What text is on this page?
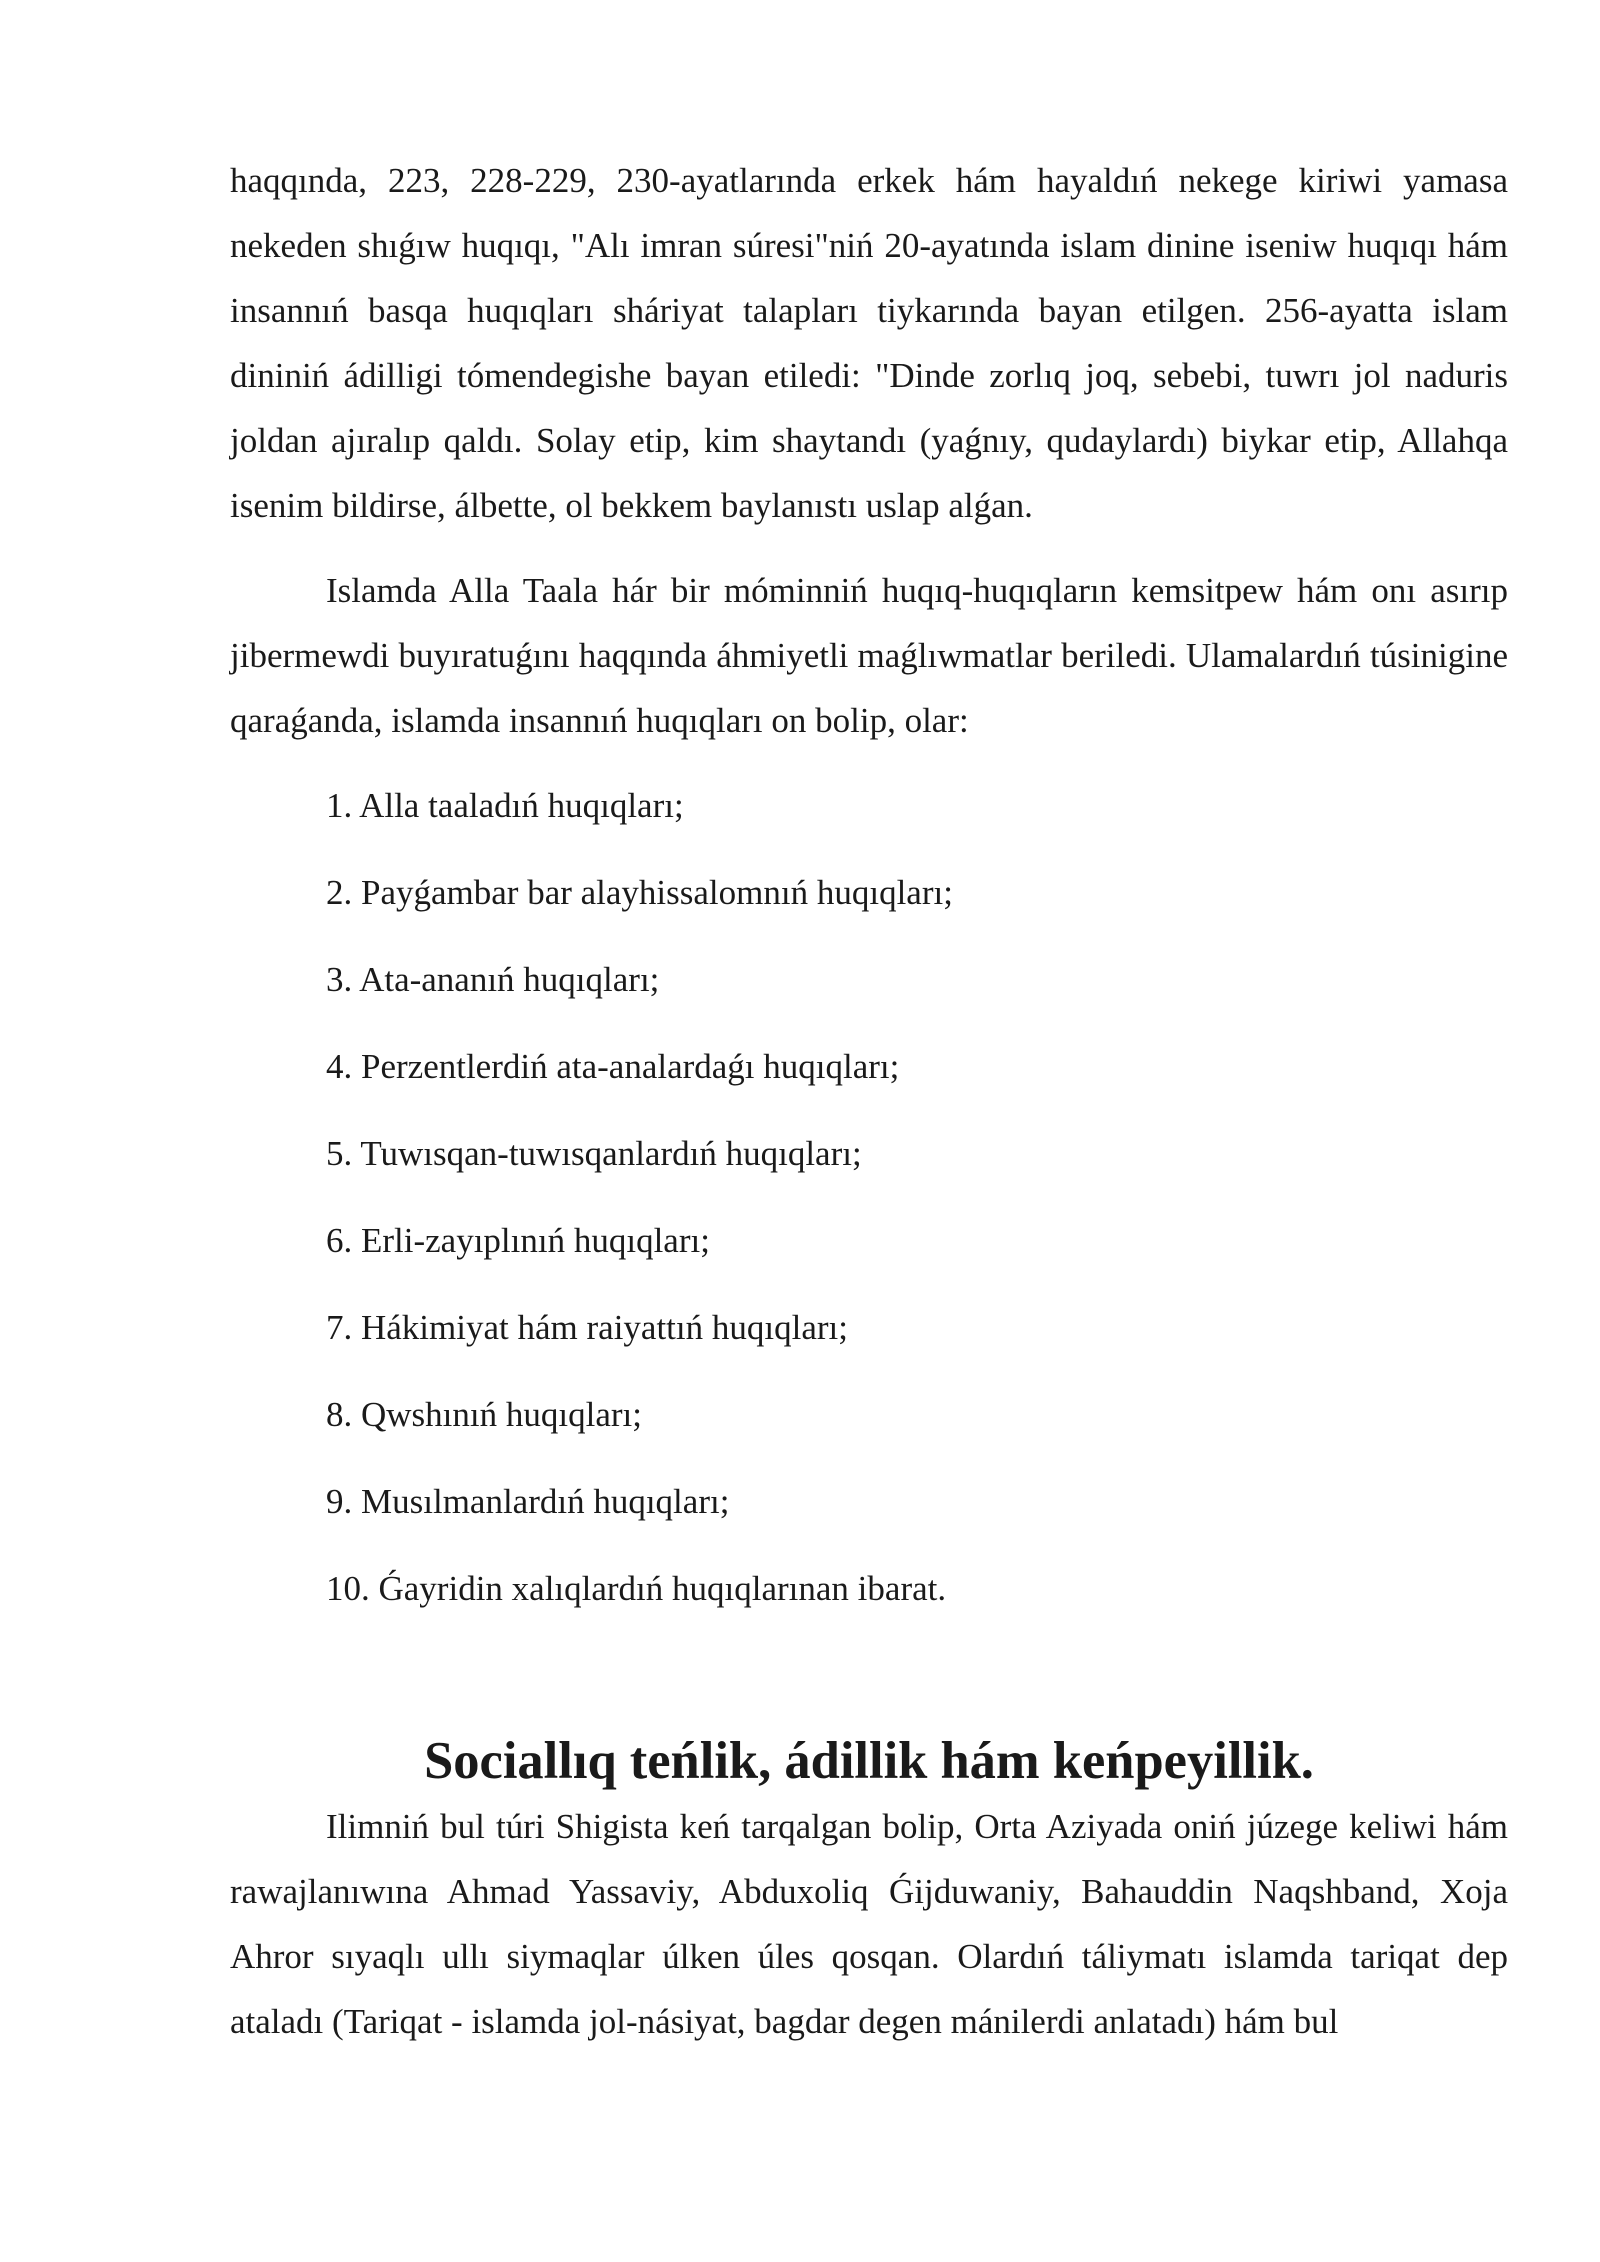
haqqında, 223, 228-229, 230-ayatlarında erkek hám hayaldıń nekege kiriwi yamasa nekeden shıǵıw huqıqı, "Alı imran súresi"niń 20-ayatında islam dinine iseniw huqıqı hám insannıń basqa huqıqları sháriyat talapları tiykarında bayan etilgen. 256-ayatta islam dininiń ádilligi tómendegishe bayan etiledi: "Dinde zorlıq joq, sebebi, tuwrı jol naduris joldan ajıralıp qaldı. Solay etip, kim shaytandı (yaǵnıy, qudaylardı) biykar etip, Allahqa isenim bildirse, álbette, ol bekkem baylanıstı uslap alǵan.

Islamda Alla Taala hár bir móminniń huqıq-huqıqların kemsitpew hám onı asırıp jibermewdi buyıratuǵını haqqında áhmiyetli maǵlıwmatlar beriledi. Ulamalardıń túsinigine qaraǵanda, islamda insannıń huqıqları on bolip, olar:

1. Alla taaladıń huqıqları;
2. Payǵambar bar alayhissalomnıń huqıqları;
3. Ata-ananıń huqıqları;
4. Perzentlerdiń ata-analardaǵı huqıqları;
5. Tuwısqan-tuwısqanlardıń huqıqları;
6. Erli-zayıplınıń huqıqları;
7. Hákimiyat hám raiyattıń huqıqları;
8. Qwshınıń huqıqları;
9. Musılmanlardıń huqıqları;
10. Ǵayridin xalıqlardıń huqıqlarınan ibarat.
Sociallıq teńlik, ádillik hám keńpeyillik.

Ilimniń bul túri Shigista keń tarqalgan bolip, Orta Aziyada oniń júzege keliwi hám rawajlanıwına Ahmad Yassaviy, Abduxoliq Ǵijduwaniy, Bahauddin Naqshband, Xoja Ahror sıyaqlı ullı siymaqlar úlken úles qosqan. Olardıń táliymatı islamda tariqat dep ataladı (Tariqat - islamda jol-násiyat, bagdar degen mánilerdi anlatadı) hám bul
